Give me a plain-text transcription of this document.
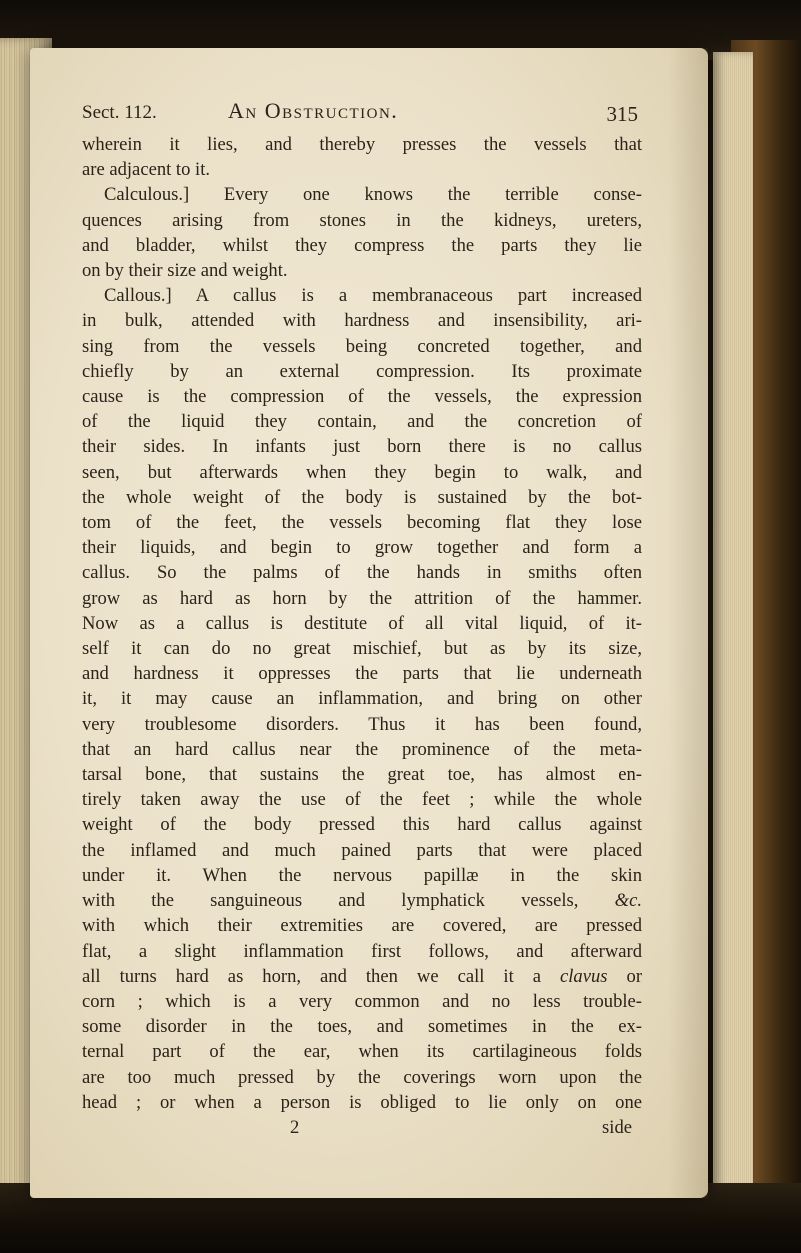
Sect. 112.	An Obstruction.	315
wherein it lies, and thereby presses the vessels that
are adjacent to it.
Calculous.] Every one knows the terrible conse-
quences arising from stones in the kidneys, ureters,
and bladder, whilst they compress the parts they lie
on by their size and weight.
Callous.] A callus is a membranaceous part increased
in bulk, attended with hardness and insensibility, ari-
sing from the vessels being concreted together, and
chiefly by an external compression. Its proximate
cause is the compression of the vessels, the expression
of the liquid they contain, and the concretion of
their sides. In infants just born there is no callus
seen, but afterwards when they begin to walk, and
the whole weight of the body is sustained by the bot-
tom of the feet, the vessels becoming flat they lose
their liquids, and begin to grow together and form a
callus. So the palms of the hands in smiths often
grow as hard as horn by the attrition of the hammer.
Now as a callus is destitute of all vital liquid, of it-
self it can do no great mischief, but as by its size,
and hardness it oppresses the parts that lie underneath
it, it may cause an inflammation, and bring on other
very troublesome disorders. Thus it has been found,
that an hard callus near the prominence of the meta-
tarsal bone, that sustains the great toe, has almost en-
tirely taken away the use of the feet ; while the whole
weight of the body pressed this hard callus against
the inflamed and much pained parts that were placed
under it. When the nervous papillæ in the skin
with the sanguineous and lymphatick vessels, &c.
with which their extremities are covered, are pressed
flat, a slight inflammation first follows, and afterward
all turns hard as horn, and then we call it a clavus or
corn ; which is a very common and no less trouble-
some disorder in the toes, and sometimes in the ex-
ternal part of the ear, when its cartilagineous folds
are too much pressed by the coverings worn upon the
head ; or when a person is obliged to lie only on one
2	side
